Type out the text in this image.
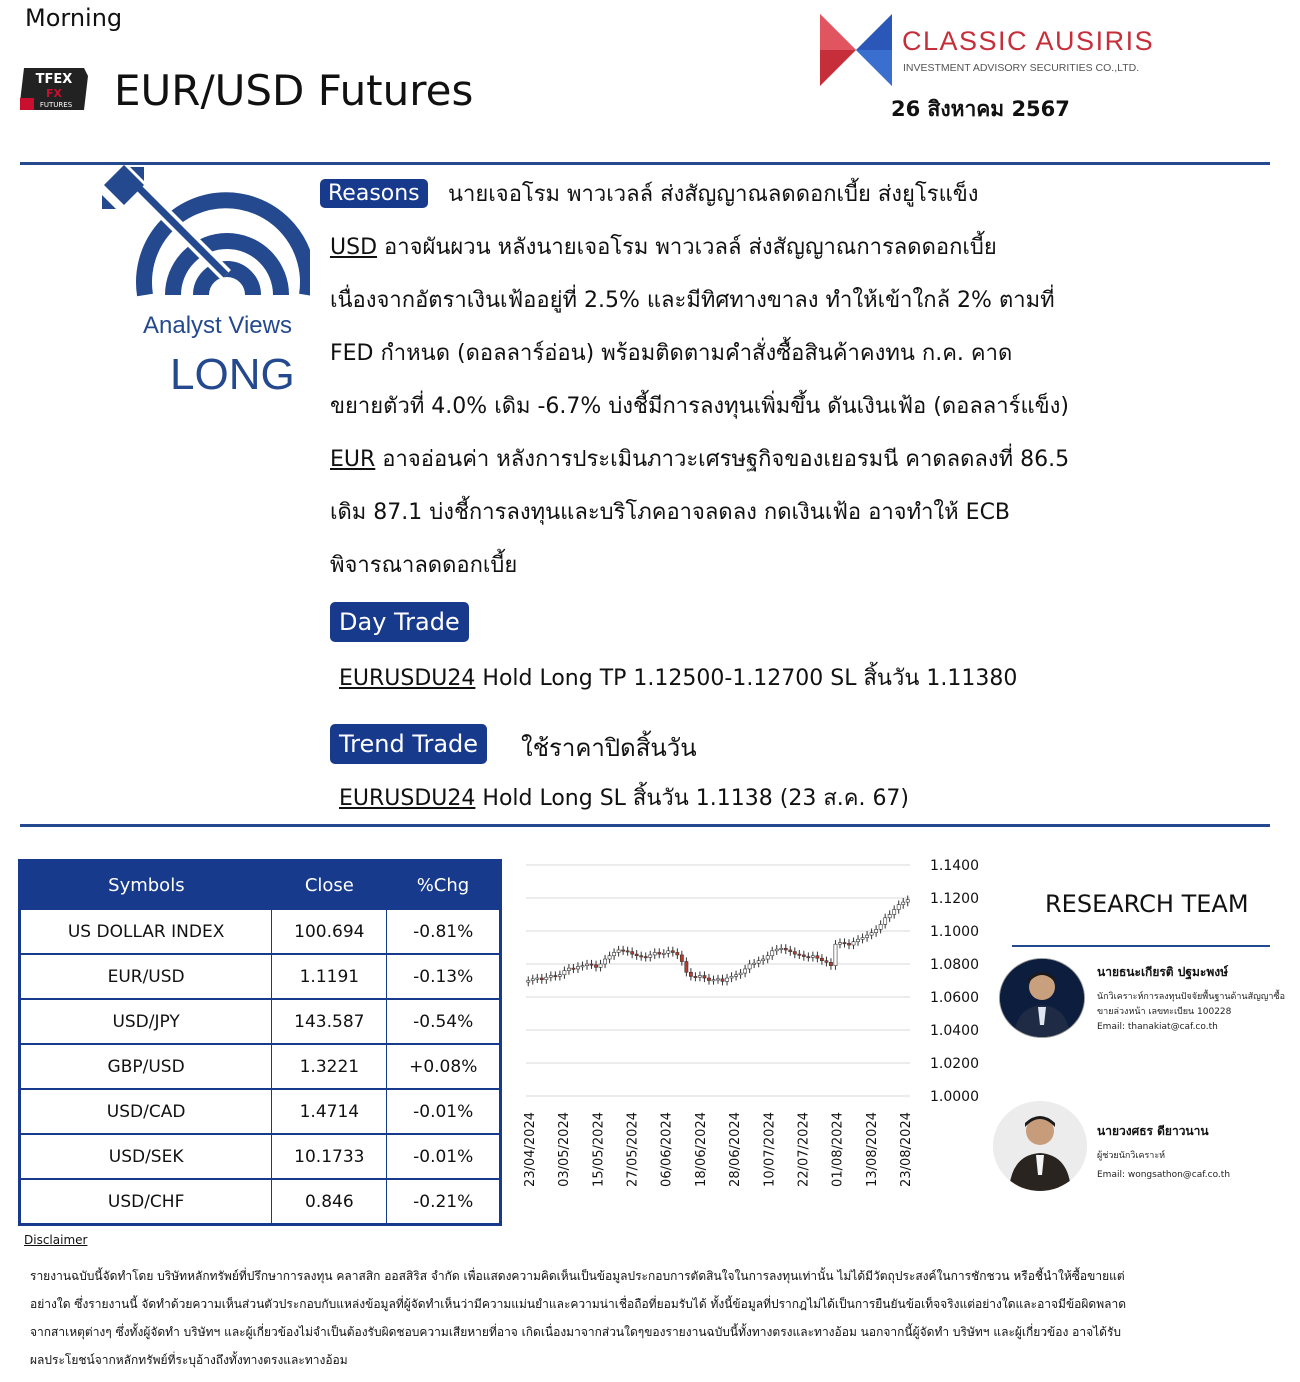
Morning
TFEX
FX
FUTURES EUR/USD Futures
CLASSIC AUSIRIS
INVESTMENT ADVISORY SECURITIES CO.,LTD.
26 สิงหาคม 2567
Analyst Views
LONG
Reasons	นายเจอโรม พาวเวลล์ ส่งสัญญาณลดดอกเบี้ย ส่งยูโรแข็ง
USD อาจผันผวน หลังนายเจอโรม พาวเวลล์ ส่งสัญญาณการลดดอกเบี้ย
เนื่องจากอัตราเงินเฟ้ออยู่ที่ 2.5% และมีทิศทางขาลง ทำให้เข้าใกล้ 2% ตามที่
FED กำหนด (ดอลลาร์อ่อน) พร้อมติดตามคำสั่งซื้อสินค้าคงทน ก.ค. คาด
ขยายตัวที่ 4.0% เดิม -6.7% บ่งชี้มีการลงทุนเพิ่มขึ้น ดันเงินเฟ้อ (ดอลลาร์แข็ง)
EUR อาจอ่อนค่า หลังการประเมินภาวะเศรษฐกิจของเยอรมนี คาดลดลงที่ 86.5
เดิม 87.1 บ่งชี้การลงทุนและบริโภคอาจลดลง กดเงินเฟ้อ อาจทำให้ ECB
พิจารณาลดดอกเบี้ย
Day Trade
EURUSDU24 Hold Long TP 1.12500-1.12700 SL สิ้นวัน 1.11380
Trend Trade	ใช้ราคาปิดสิ้นวัน
EURUSDU24 Hold Long SL สิ้นวัน 1.1138 (23 ส.ค. 67)
Symbols	Close	%Chg
US DOLLAR INDEX	100.694	-0.81%
EUR/USD	1.1191	-0.13%
USD/JPY	143.587	-0.54%
GBP/USD	1.3221	+0.08%
USD/CAD	1.4714	-0.01%
USD/SEK	10.1733	-0.01%
USD/CHF	0.846	-0.21%
1.1400
1.1200
1.1000
1.0800
1.0600
1.0400
1.0200
1.0000
23/04/2024 03/05/2024 15/05/2024 27/05/2024 06/06/2024 18/06/2024 28/06/2024 10/07/2024 22/07/2024 01/08/2024 13/08/2024 23/08/2024
RESEARCH TEAM
นายธนะเกียรติ ปฐมะพงษ์
นักวิเคราะห์การลงทุนปัจจัยพื้นฐานด้านสัญญาซื้อ
ขายล่วงหน้า เลขทะเบียน 100228
Email: thanakiat@caf.co.th
นายวงศธร ดียาวนาน
ผู้ช่วยนักวิเคราะห์
Email: wongsathon@caf.co.th
Disclaimer
รายงานฉบับนี้จัดทำโดย บริษัทหลักทรัพย์ที่ปรึกษาการลงทุน คลาสสิก ออสสิริส จำกัด เพื่อแสดงความคิดเห็นเป็นข้อมูลประกอบการตัดสินใจในการลงทุนเท่านั้น ไม่ได้มีวัตถุประสงค์ในการชักชวน หรือชี้นำให้ซื้อขายแต่
อย่างใด ซึ่งรายงานนี้ จัดทำด้วยความเห็นส่วนตัวประกอบกับแหล่งข้อมูลที่ผู้จัดทำเห็นว่ามีความแม่นยำและความน่าเชื่อถือที่ยอมรับได้ ทั้งนี้ข้อมูลที่ปรากฎไม่ได้เป็นการยืนยันข้อเท็จจริงแต่อย่างใดและอาจมีข้อผิดพลาด
จากสาเหตุต่างๆ ซึ่งทั้งผู้จัดทำ บริษัทฯ และผู้เกี่ยวข้องไม่จำเป็นต้องรับผิดชอบความเสียหายที่อาจ เกิดเนื่องมาจากส่วนใดๆของรายงานฉบับนี้ทั้งทางตรงและทางอ้อม นอกจากนี้ผู้จัดทำ บริษัทฯ และผู้เกี่ยวข้อง อาจได้รับ
ผลประโยชน์จากหลักทรัพย์ที่ระบุอ้างถึงทั้งทางตรงและทางอ้อม
